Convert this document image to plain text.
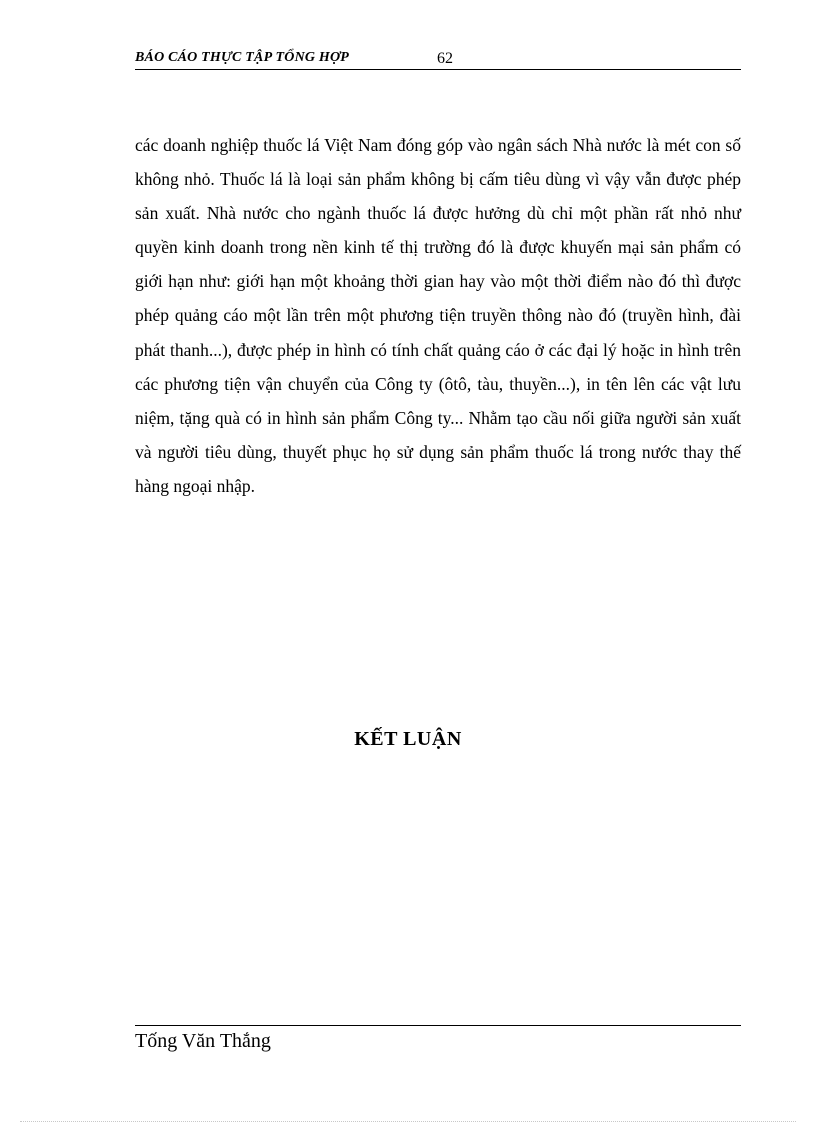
BÁO CÁO THỰC TẬP TỔNG HỢP	62

các doanh nghiệp thuốc lá Việt Nam đóng góp vào ngân sách Nhà nước là mét con số không nhỏ. Thuốc lá là loại sản phẩm không bị cấm tiêu dùng vì vậy vẫn được phép sản xuất. Nhà nước cho ngành thuốc lá được hưởng dù chỉ một phần rất nhỏ như quyền kinh doanh trong nền kinh tế thị trường đó là được khuyến mại sản phẩm có giới hạn như: giới hạn một khoảng thời gian hay vào một thời điểm nào đó thì được phép quảng cáo một lần trên một phương tiện truyền thông nào đó (truyền hình, đài phát thanh...), được phép in hình có tính chất quảng cáo ở các đại lý hoặc in hình trên các phương tiện vận chuyển của Công ty (ôtô, tàu, thuyền...), in tên lên các vật lưu niệm, tặng quà có in hình sản phẩm Công ty... Nhằm tạo cầu nối giữa người sản xuất và người tiêu dùng, thuyết phục họ sử dụng sản phẩm thuốc lá trong nước thay thế hàng ngoại nhập.

KẾT LUẬN
Tống Văn Thắng
